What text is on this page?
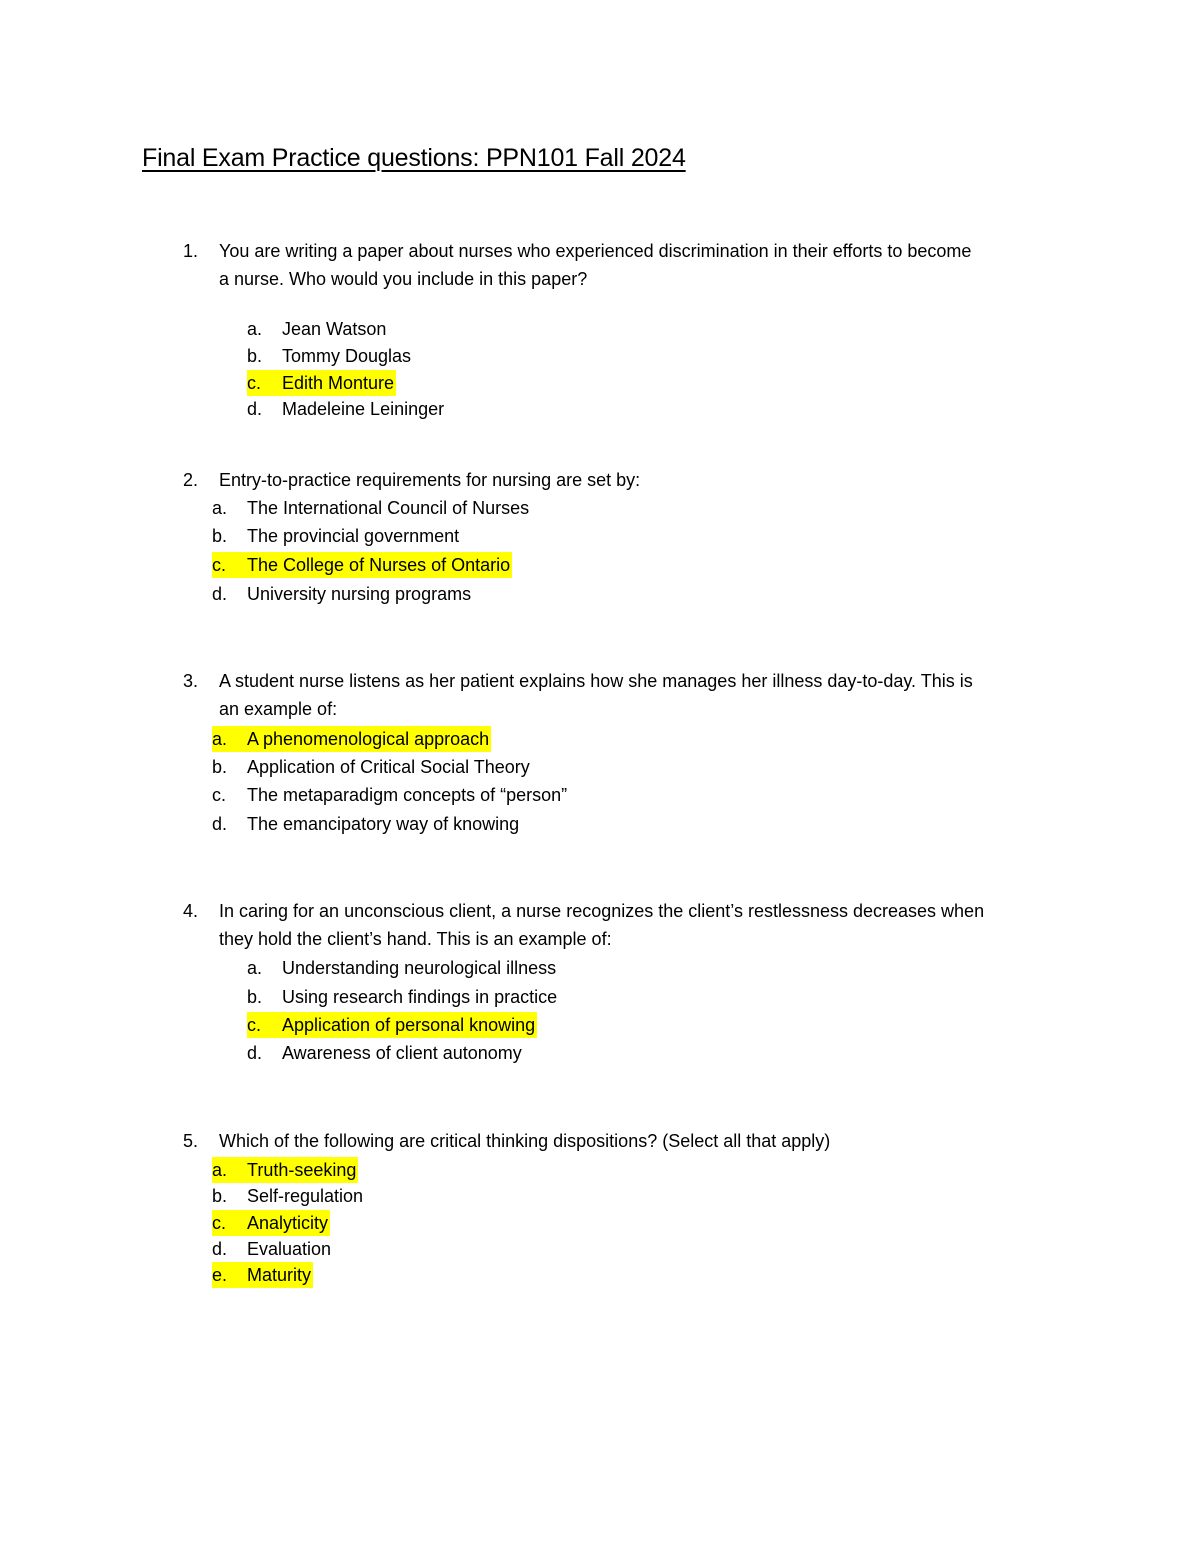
Final Exam Practice questions: PPN101 Fall 2024
1. You are writing a paper about nurses who experienced discrimination in their efforts to become
a nurse. Who would you include in this paper?
a. Jean Watson
b. Tommy Douglas
c. Edith Monture
d. Madeleine Leininger
2. Entry-to-practice requirements for nursing are set by:
a. The International Council of Nurses
b. The provincial government
c. The College of Nurses of Ontario
d. University nursing programs
3. A student nurse listens as her patient explains how she manages her illness day-to-day. This is
an example of:
a. A phenomenological approach
b. Application of Critical Social Theory
c. The metaparadigm concepts of “person”
d. The emancipatory way of knowing
4. In caring for an unconscious client, a nurse recognizes the client’s restlessness decreases when
they hold the client’s hand. This is an example of:
a. Understanding neurological illness
b. Using research findings in practice
c. Application of personal knowing
d. Awareness of client autonomy
5. Which of the following are critical thinking dispositions? (Select all that apply)
a. Truth-seeking
b. Self-regulation
c. Analyticity
d. Evaluation
e. Maturity
